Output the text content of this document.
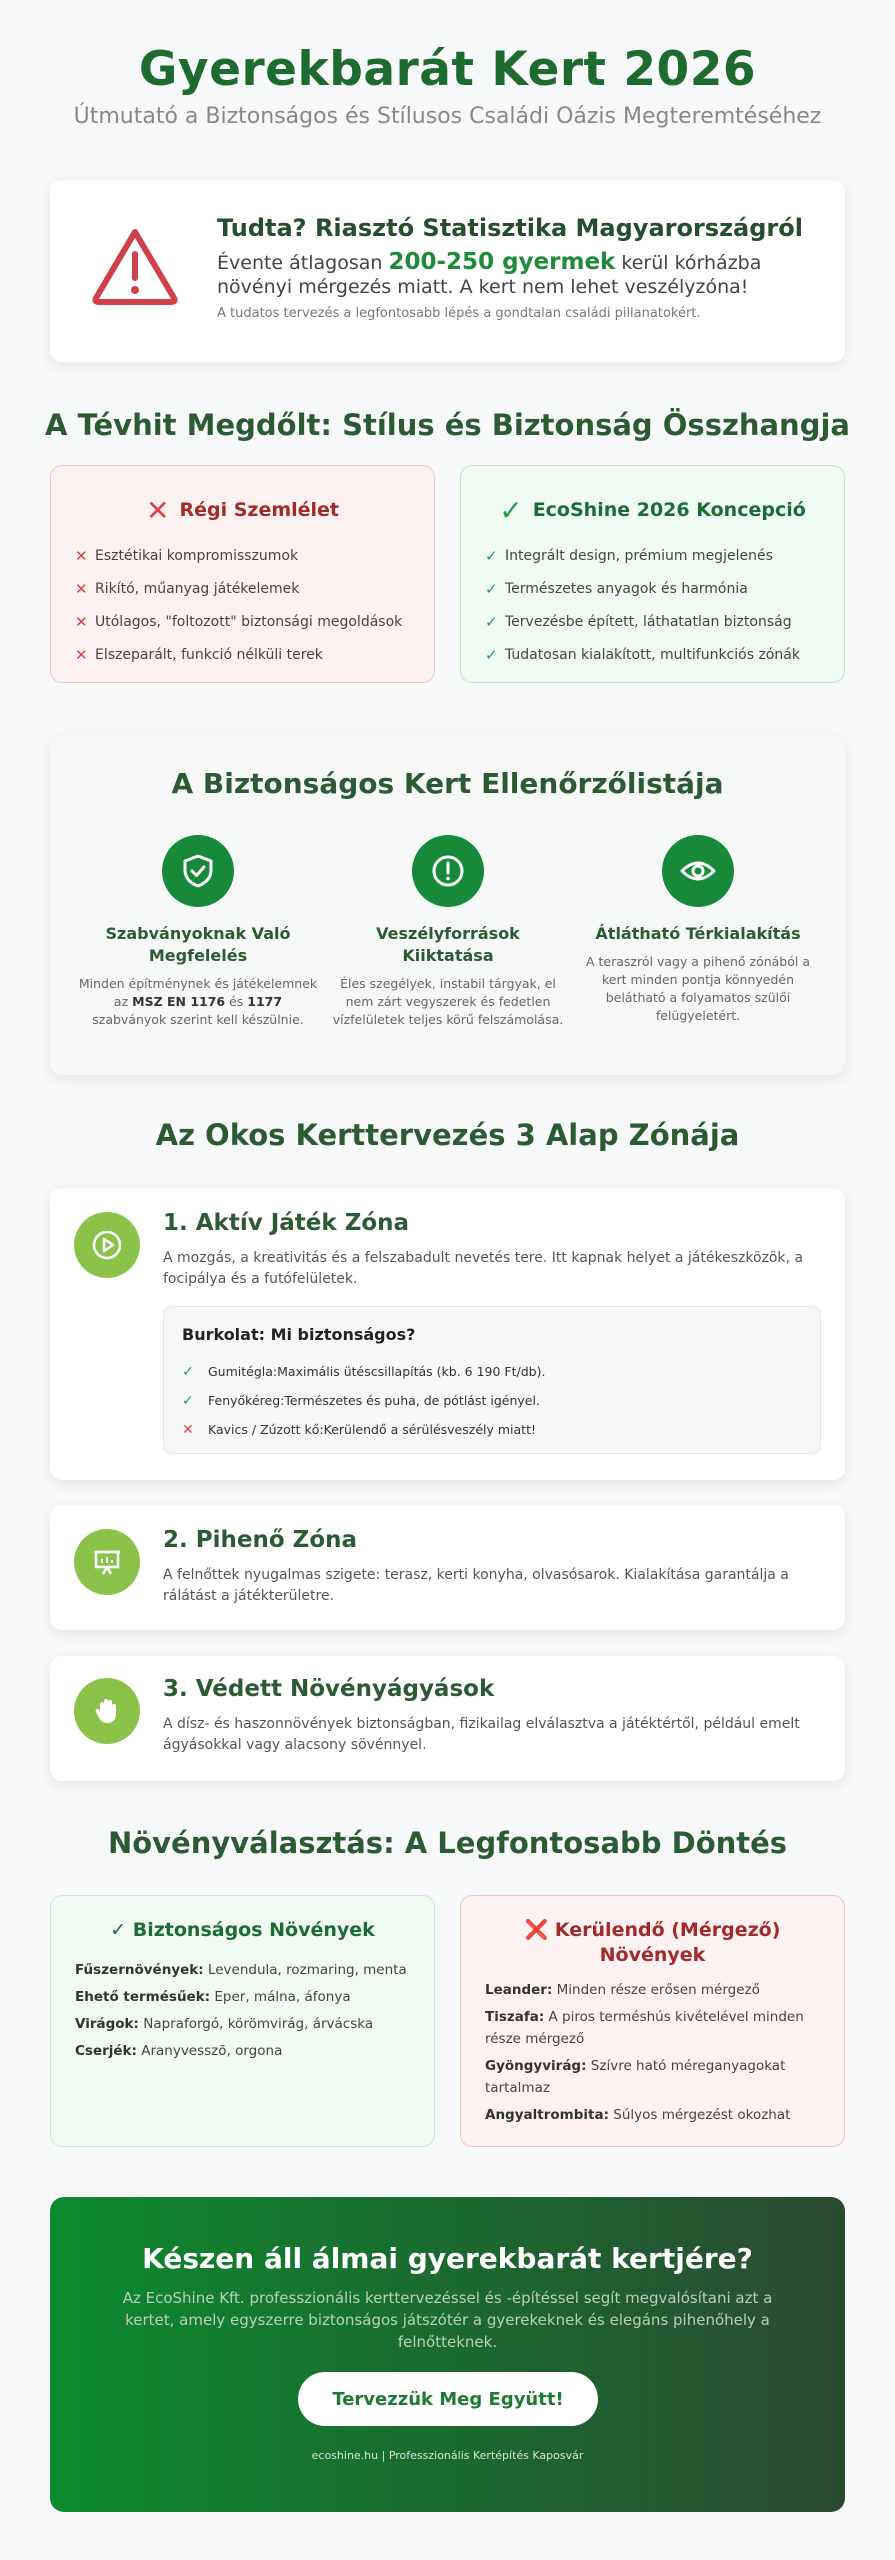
Gyerekbarát Kert 2026
Útmutató a Biztonságos és Stílusos Családi Oázis Megteremtéséhez
Tudta? Riasztó Statisztika Magyarországról
Évente átlagosan 200-250 gyermek kerül kórházba növényi mérgezés miatt. A kert nem lehet veszélyzóna!
A tudatos tervezés a legfontosabb lépés a gondtalan családi pillanatokért.
A Tévhit Megdőlt: Stílus és Biztonság Összhangja
✕ Régi Szemlélet
✕ Esztétikai kompromisszumok
✕ Rikító, műanyag játékelemek
✕ Utólagos, "foltozott" biztonsági megoldások
✕ Elszeparált, funkció nélküli terek
✓ EcoShine 2026 Koncepció
✓ Integrált design, prémium megjelenés
✓ Természetes anyagok és harmónia
✓ Tervezésbe épített, láthatatlan biztonság
✓ Tudatosan kialakított, multifunkciós zónák
A Biztonságos Kert Ellenőrzőlistája
Szabványoknak Való Megfelelés
Minden építménynek és játékelemnek az MSZ EN 1176 és 1177 szabványok szerint kell készülnie.
Veszélyforrások Kiiktatása
Éles szegélyek, instabil tárgyak, el nem zárt vegyszerek és fedetlen vízfelületek teljes körű felszámolása.
Átlátható Térkialakítás
A teraszról vagy a pihenő zónából a kert minden pontja könnyedén belátható a folyamatos szülői felügyeletért.
Az Okos Kerttervezés 3 Alap Zónája
1. Aktív Játék Zóna
A mozgás, a kreativitás és a felszabadult nevetés tere. Itt kapnak helyet a játékeszközök, a focipálya és a futófelületek.
Burkolat: Mi biztonságos?
✓	Gumitégla:Maximális ütéscsillapítás (kb. 6 190 Ft/db).
✓	Fenyőkéreg:Természetes és puha, de pótlást igényel.
✕	Kavics / Zúzott kő:Kerülendő a sérülésveszély miatt!
2. Pihenő Zóna
A felnőttek nyugalmas szigete: terasz, kerti konyha, olvasósarok. Kialakítása garantálja a rálátást a játékterületre.
3. Védett Növényágyások
A dísz- és haszonnövények biztonságban, fizikailag elválasztva a játéktértől, például emelt ágyásokkal vagy alacsony sövénnyel.
Növényválasztás: A Legfontosabb Döntés
✓ Biztonságos Növények
Fűszernövények: Levendula, rozmaring, menta
Ehető termésűek: Eper, málna, áfonya
Virágok: Napraforgó, körömvirág, árvácska
Cserjék: Aranyvesszõ, orgona
❌ Kerülendő (Mérgező) Növények
Leander: Minden része erősen mérgező
Tiszafa: A piros terméshús kivételével minden része mérgező
Gyöngyvirág: Szívre ható méreganyagokat tartalmaz
Angyaltrombita: Súlyos mérgezést okozhat
Készen áll álmai gyerekbarát kertjére?
Az EcoShine Kft. professzionális kerttervezéssel és -építéssel segít megvalósítani azt a kertet, amely egyszerre biztonságos játszótér a gyerekeknek és elegáns pihenőhely a felnőtteknek.
Tervezzük Meg Együtt!
ecoshine.hu | Professzionális Kertépítés Kaposvár
